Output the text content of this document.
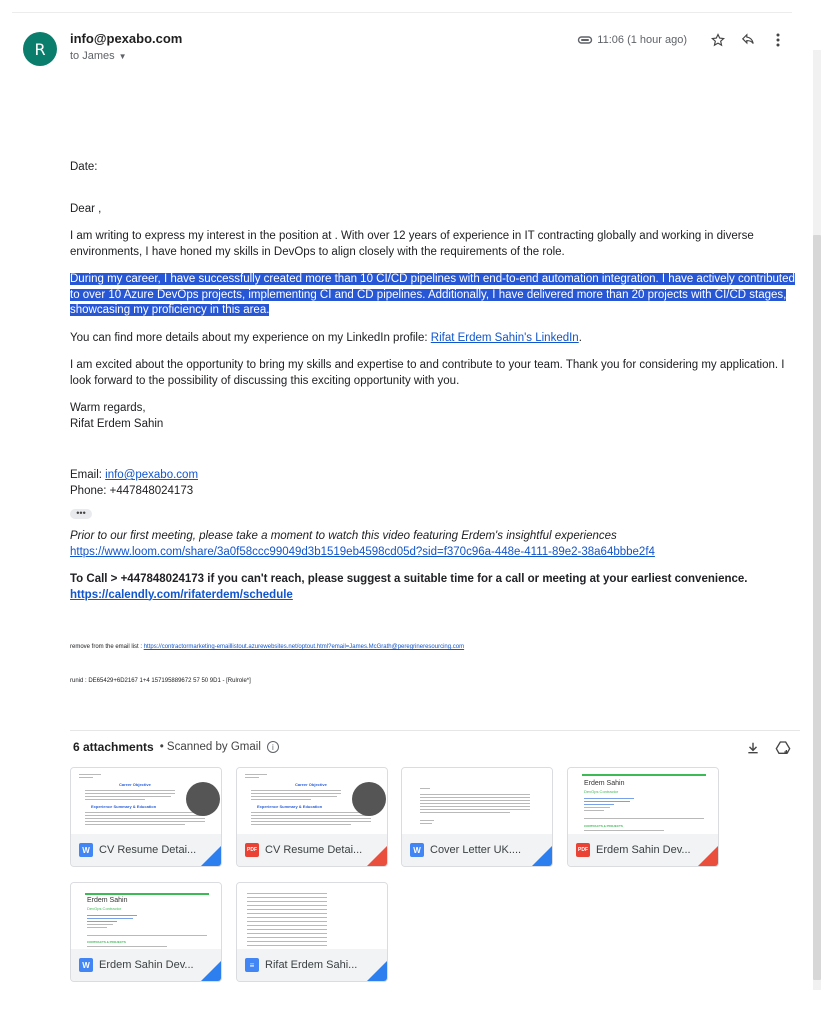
R
info@pexabo.com
to James ▼
11:06 (1 hour ago)

Date:

Dear ,

I am writing to express my interest in the position at . With over 12 years of experience in IT contracting globally and working in diverse environments, I have honed my skills in DevOps to align closely with the requirements of the role.

During my career, I have successfully created more than 10 CI/CD pipelines with end-to-end automation integration. I have actively contributed to over 10 Azure DevOps projects, implementing CI and CD pipelines. Additionally, I have delivered more than 20 projects with CI/CD stages, showcasing my proficiency in this area.

You can find more details about my experience on my LinkedIn profile: Rifat Erdem Sahin's LinkedIn.

I am excited about the opportunity to bring my skills and expertise to and contribute to your team. Thank you for considering my application. I look forward to the possibility of discussing this exciting opportunity with you.

Warm regards,
Rifat Erdem Sahin

Email: info@pexabo.com
Phone: +447848024173

•••

Prior to our first meeting, please take a moment to watch this video featuring Erdem's insightful experiences https://www.loom.com/share/3a0f58ccc99049d3b1519eb4598cd05d?sid=f370c96a-448e-4111-89e2-38a64bbbe2f4

To Call > +447848024173 if you can't reach, please suggest a suitable time for a call or meeting at your earliest convenience.
https://calendly.com/rifaterdem/schedule

remove from the email list : https://contractormarketing-emaillistout.azurewebsites.net/optout.html?email=James.McGrath@peregrineresourcing.com

runid : DE65429+6D2167 1+4 157195889672 57 50 9D1 - [Rulrole*]

6 attachments • Scanned by Gmail	i
Career Objective
Experience Summary & Education
W CV Resume Detai...
Career Objective
Experience Summary & Education
PDF CV Resume Detai...	W Cover Letter UK....
Erdem Sahin
DevOps Contractor
CONTRACTS & PROJECTS
PDF Erdem Sahin Dev...
Erdem Sahin
DevOps Contractor
CONTRACTS & PROJECTS
W Erdem Sahin Dev...	≡ Rifat Erdem Sahi...
